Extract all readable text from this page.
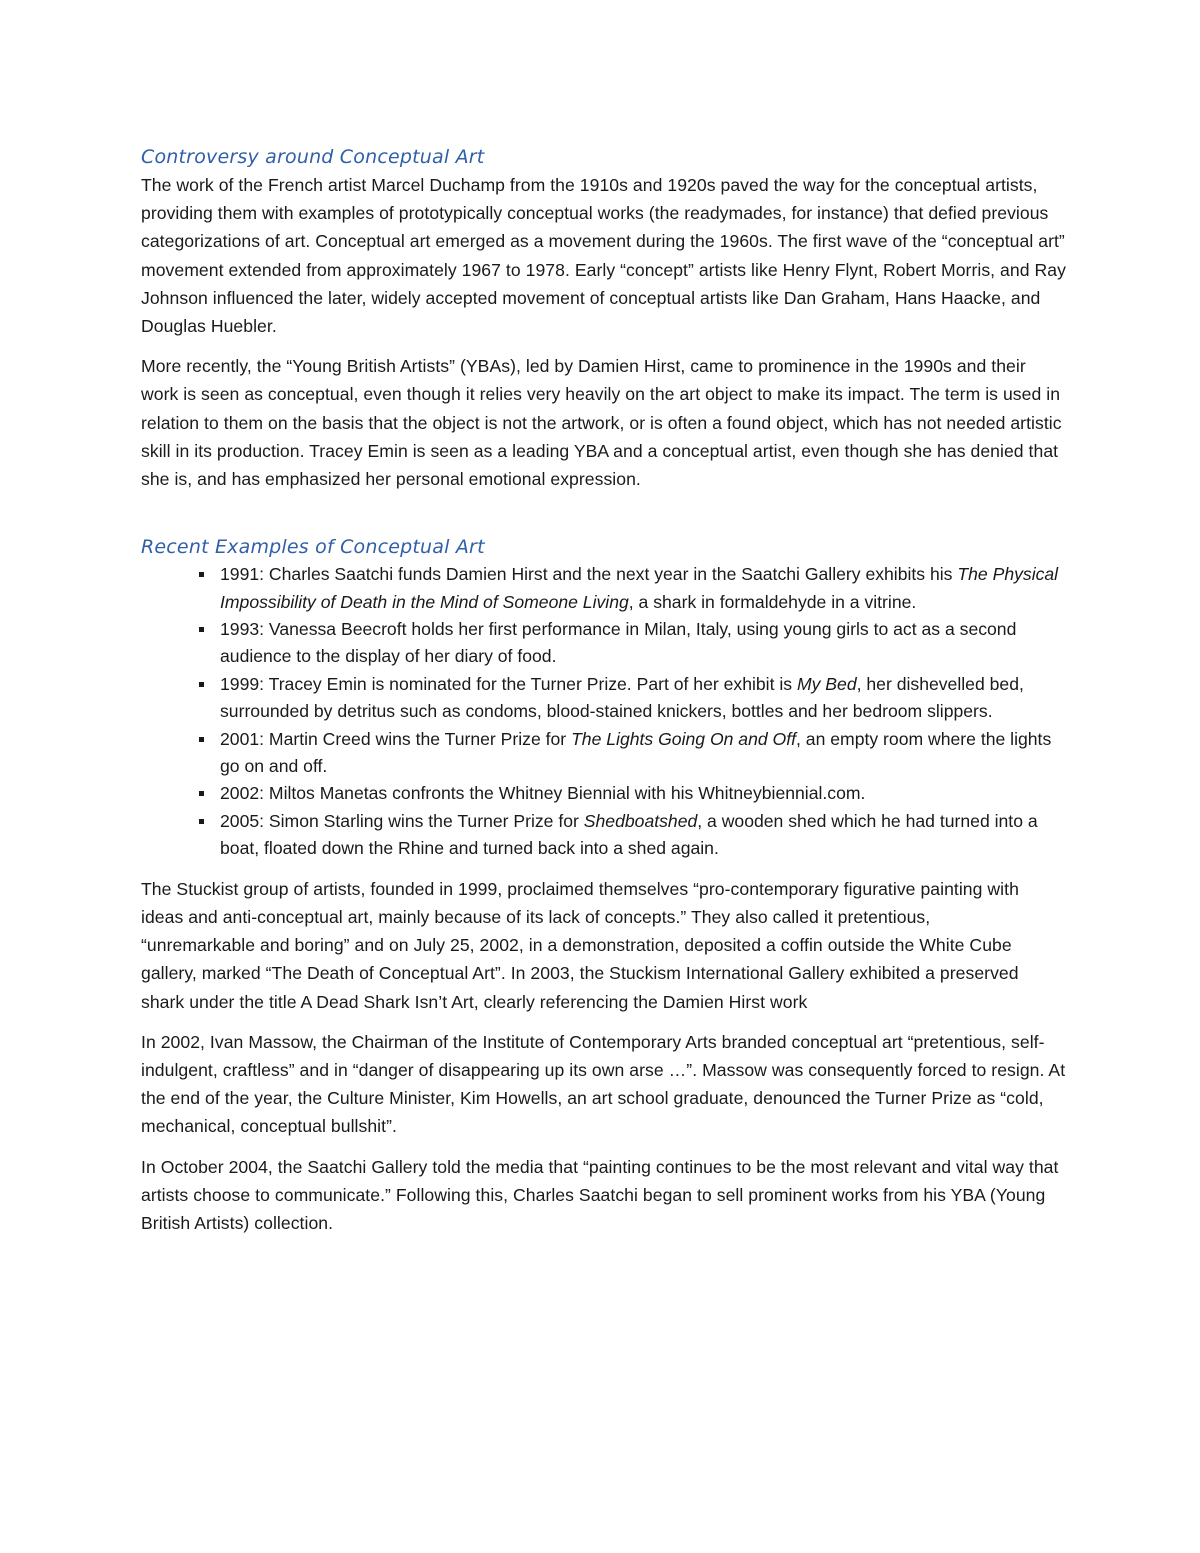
Controversy around Conceptual Art

The work of the French artist Marcel Duchamp from the 1910s and 1920s paved the way for the conceptual artists, providing them with examples of prototypically conceptual works (the readymades, for instance) that defied previous categorizations of art. Conceptual art emerged as a movement during the 1960s. The first wave of the “conceptual art” movement extended from approximately 1967 to 1978. Early “concept” artists like Henry Flynt, Robert Morris, and Ray Johnson influenced the later, widely accepted movement of conceptual artists like Dan Graham, Hans Haacke, and Douglas Huebler.

More recently, the “Young British Artists” (YBAs), led by Damien Hirst, came to prominence in the 1990s and their work is seen as conceptual, even though it relies very heavily on the art object to make its impact. The term is used in relation to them on the basis that the object is not the artwork, or is often a found object, which has not needed artistic skill in its production. Tracey Emin is seen as a leading YBA and a conceptual artist, even though she has denied that she is, and has emphasized her personal emotional expression.

Recent Examples of Conceptual Art
1991: Charles Saatchi funds Damien Hirst and the next year in the Saatchi Gallery exhibits his The Physical Impossibility of Death in the Mind of Someone Living, a shark in formaldehyde in a vitrine.
1993: Vanessa Beecroft holds her first performance in Milan, Italy, using young girls to act as a second audience to the display of her diary of food.
1999: Tracey Emin is nominated for the Turner Prize. Part of her exhibit is My Bed, her dishevelled bed, surrounded by detritus such as condoms, blood-stained knickers, bottles and her bedroom slippers.
2001: Martin Creed wins the Turner Prize for The Lights Going On and Off, an empty room where the lights go on and off.
2002: Miltos Manetas confronts the Whitney Biennial with his Whitneybiennial.com.
2005: Simon Starling wins the Turner Prize for Shedboatshed, a wooden shed which he had turned into a boat, floated down the Rhine and turned back into a shed again.

The Stuckist group of artists, founded in 1999, proclaimed themselves “pro-contemporary figurative painting with ideas and anti-conceptual art, mainly because of its lack of concepts.” They also called it pretentious,
“unremarkable and boring” and on July 25, 2002, in a demonstration, deposited a coffin outside the White Cube gallery, marked “The Death of Conceptual Art”. In 2003, the Stuckism International Gallery exhibited a preserved shark under the title A Dead Shark Isn’t Art, clearly referencing the Damien Hirst work

In 2002, Ivan Massow, the Chairman of the Institute of Contemporary Arts branded conceptual art “pretentious, self-indulgent, craftless” and in “danger of disappearing up its own arse …”. Massow was consequently forced to resign. At the end of the year, the Culture Minister, Kim Howells, an art school graduate, denounced the Turner Prize as “cold, mechanical, conceptual bullshit”.

In October 2004, the Saatchi Gallery told the media that “painting continues to be the most relevant and vital way that artists choose to communicate.” Following this, Charles Saatchi began to sell prominent works from his YBA (Young British Artists) collection.
